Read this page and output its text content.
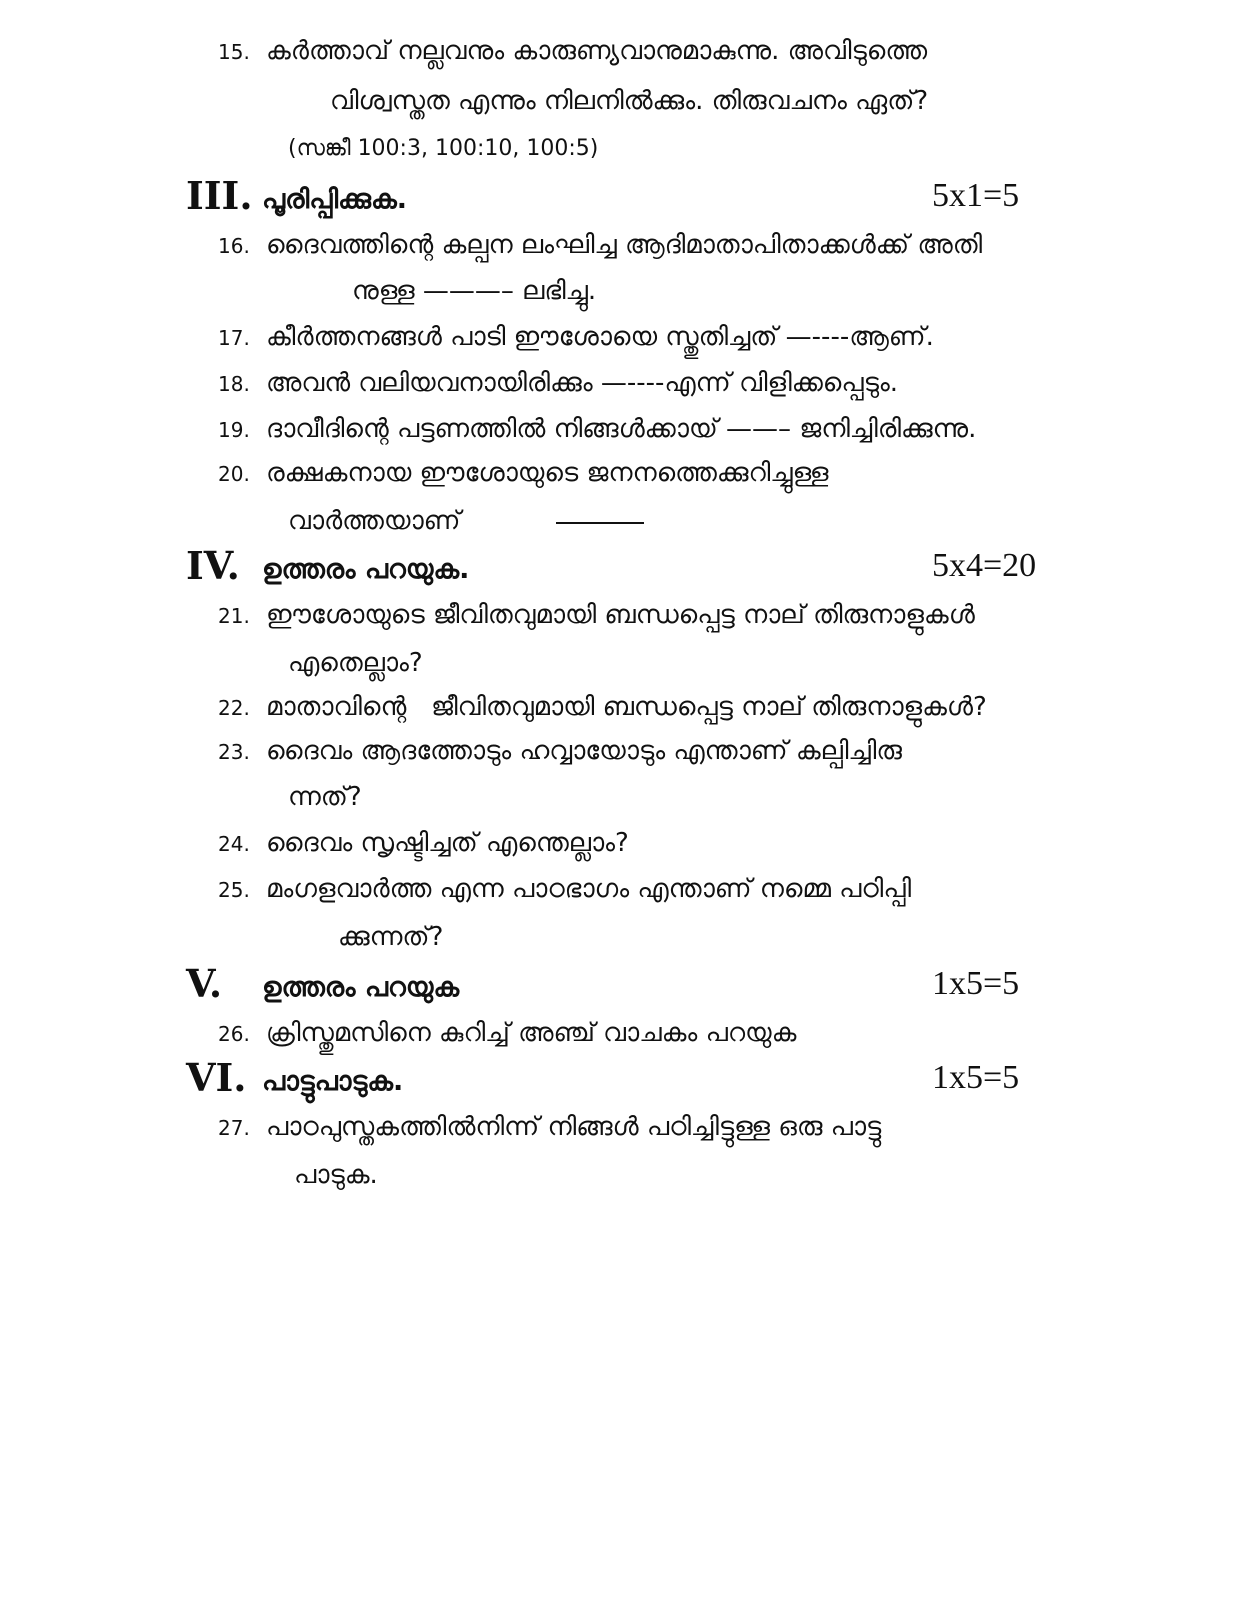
15. കർത്താവ് നല്ലവനും കാരുണ്യവാനുമാകുന്നു. അവിടുത്തെ
വിശ്വസ്തത എന്നും നിലനിൽക്കും. തിരുവചനം ഏത്?
(സങ്കീ 100:3, 100:10, 100:5)
III. പൂരിപ്പിക്കുക.	5x1=5
16. ദൈവത്തിന്റെ കല്പന ലംഘിച്ച ആദിമാതാപിതാക്കൾക്ക് അതി
നുള്ള ———– ലഭിച്ചു.
17. കീർത്തനങ്ങൾ പാടി ഈശോയെ സ്തുതിച്ചത് —----ആണ്.
18. അവൻ വലിയവനായിരിക്കും —----എന്ന് വിളിക്കപ്പെടും.
19. ദാവീദിന്റെ പട്ടണത്തിൽ നിങ്ങൾക്കായ് ——– ജനിച്ചിരിക്കുന്നു.
20. രക്ഷകനായ ഈശോയുടെ ജനനത്തെക്കുറിച്ചുള്ള
വാർത്തയാണ്
IV. ഉത്തരം പറയുക.	5x4=20
21. ഈശോയുടെ ജീവിതവുമായി ബന്ധപ്പെട്ട നാല് തിരുനാളുകൾ
എതെല്ലാം?
22. മാതാവിന്റെ   ജീവിതവുമായി ബന്ധപ്പെട്ട നാല് തിരുനാളുകൾ?
23. ദൈവം ആദത്തോടും ഹവ്വായോടും എന്താണ് കല്പിച്ചിരു
ന്നത്?
24. ദൈവം സൃഷ്ടിച്ചത് എന്തെല്ലാം?
25. മംഗളവാർത്ത എന്ന പാഠഭാഗം എന്താണ് നമ്മെ പഠിപ്പി
ക്കുന്നത്?
V. ഉത്തരം പറയുക	1x5=5
26. ക്രിസ്തുമസിനെ കുറിച്ച് അഞ്ച് വാചകം പറയുക
VI. പാട്ടുപാടുക.	1x5=5
27. പാഠപുസ്തകത്തിൽനിന്ന് നിങ്ങൾ പഠിച്ചിട്ടുള്ള ഒരു പാട്ടു
പാടുക.
